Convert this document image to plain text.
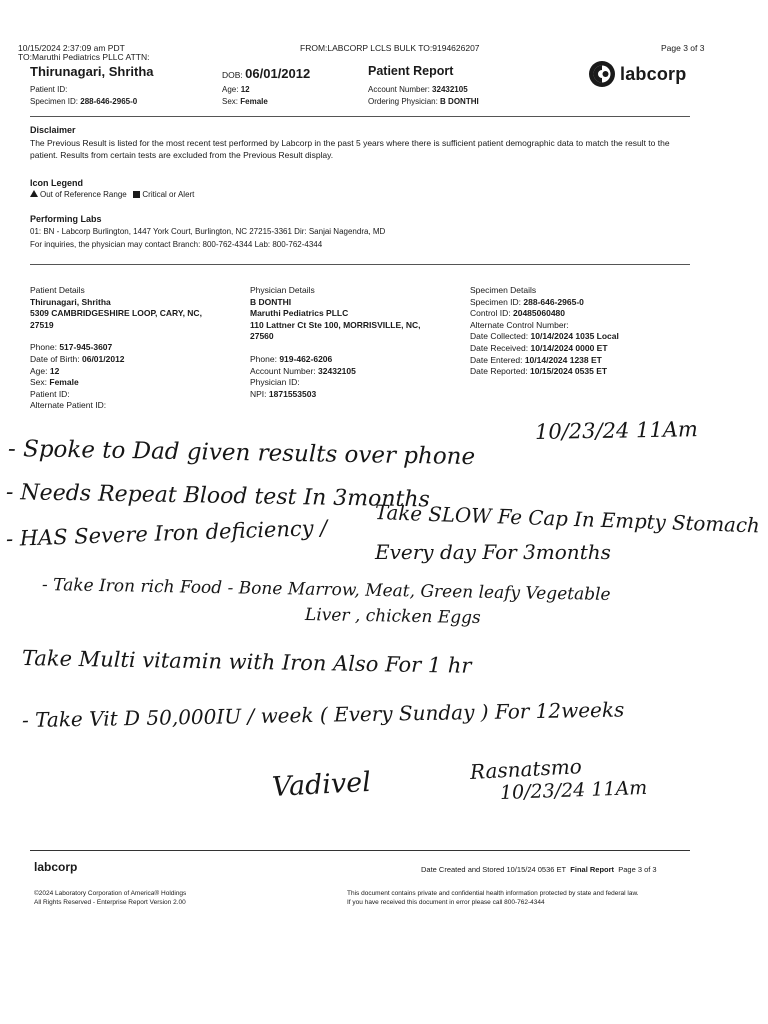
10/15/2024 2:37:09 am PDT	FROM:LABCORP LCLS BULK TO:9194626207	Page 3 of 3
TO:Maruthi Pediatrics PLLC ATTN:
Thirunagari, Shritha
Patient ID:
Specimen ID: 288-646-2965-0
DOB: 06/01/2012
Age: 12
Sex: Female
Patient Report
Account Number: 32432105
Ordering Physician: B DONTHI
labcorp
Disclaimer
The Previous Result is listed for the most recent test performed by Labcorp in the past 5 years where there is sufficient patient demographic data to match the result to the patient. Results from certain tests are excluded from the Previous Result display.
Icon Legend
Out of Reference Range Critical or Alert
Performing Labs
01: BN - Labcorp Burlington, 1447 York Court, Burlington, NC 27215-3361 Dir: Sanjai Nagendra, MD
For inquiries, the physician may contact Branch: 800-762-4344 Lab: 800-762-4344
Patient Details
Thirunagari, Shritha
5309 CAMBRIDGESHIRE LOOP, CARY, NC,
27519
Phone: 517-945-3607
Date of Birth: 06/01/2012
Age: 12
Sex: Female
Patient ID:
Alternate Patient ID:
Physician Details
B DONTHI
Maruthi Pediatrics PLLC
110 Lattner Ct Ste 100, MORRISVILLE, NC,
27560
Phone: 919-462-6206
Account Number: 32432105
Physician ID:
NPI: 1871553503
Specimen Details
Specimen ID: 288-646-2965-0
Control ID: 20485060480
Alternate Control Number:
Date Collected: 10/14/2024 1035 Local
Date Received: 10/14/2024 0000 ET
Date Entered: 10/14/2024 1238 ET
Date Reported: 10/15/2024 0535 ET
- Spoke to Dad given results over phone
10/23/24 11Am
- Needs Repeat Blood test In 3months
- HAS Severe Iron deficiency / Take SLOW Fe Cap In Empty Stomach
Every day For 3months
- Take Iron rich Food - Bone Marrow, Meat, Green leafy Vegetable
Liver , chicken Eggs
Take Multi vitamin with Iron Also For 1 hr
- Take Vit D 50,000IU / week ( Every Sunday ) For 12weeks
Vadivel	Rasnatsmo
10/23/24 11Am
labcorp	Date Created and Stored 10/15/24 0536 ET Final Report Page 3 of 3
©2024 Laboratory Corporation of America® Holdings
All Rights Reserved - Enterprise Report Version 2.00
This document contains private and confidential health information protected by state and federal law.
If you have received this document in error please call 800-762-4344
